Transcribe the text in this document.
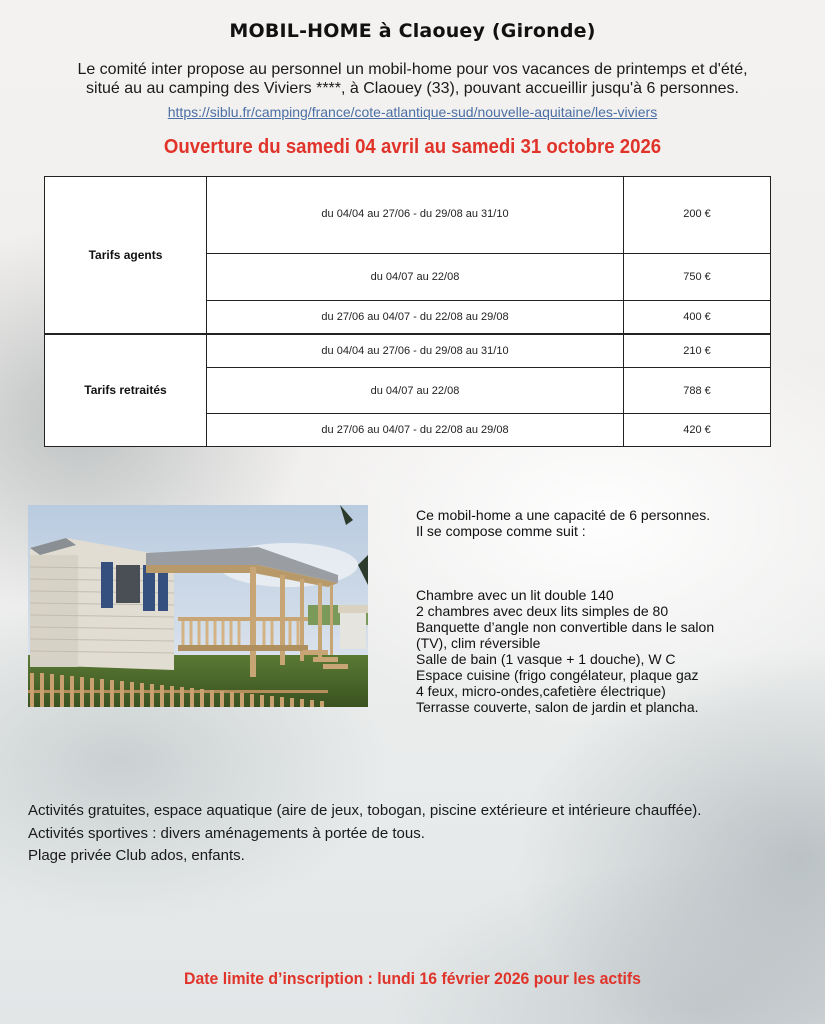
MOBIL-HOME à Claouey (Gironde)
Le comité inter propose au personnel un mobil-home pour vos vacances de printemps et d'été,
situé au au camping des Viviers ****, à Claouey (33), pouvant accueillir jusqu'à 6 personnes.
https://siblu.fr/camping/france/cote-atlantique-sud/nouvelle-aquitaine/les-viviers
Ouverture du samedi 04 avril au samedi 31 octobre 2026
Tarifs agents	du 04/04 au 27/06 - du 29/08 au 31/10	200 €
	du 04/07 au 22/08	750 €
	du 27/06 au 04/07 - du 22/08 au 29/08	400 €
Tarifs retraités	du 04/04 au 27/06 - du 29/08 au 31/10	210 €
	du 04/07 au 22/08	788 €
	du 27/06 au 04/07 - du 22/08 au 29/08	420 €

Ce mobil-home a une capacité de 6 personnes.

Il se compose comme suit :

Chambre avec un lit double 140

2 chambres avec deux lits simples de 80

Banquette d’angle non convertible dans le salon

(TV), clim réversible

Salle de bain (1 vasque + 1 douche), W C

Espace cuisine (frigo congélateur, plaque gaz

4 feux, micro-ondes,cafetière électrique)

Terrasse couverte, salon de jardin et plancha.

Activités gratuites, espace aquatique (aire de jeux, tobogan, piscine extérieure et intérieure chauffée).

Activités sportives : divers aménagements à portée de tous.

Plage privée Club ados, enfants.

Date limite d’inscription : lundi 16 février 2026 pour les actifs
